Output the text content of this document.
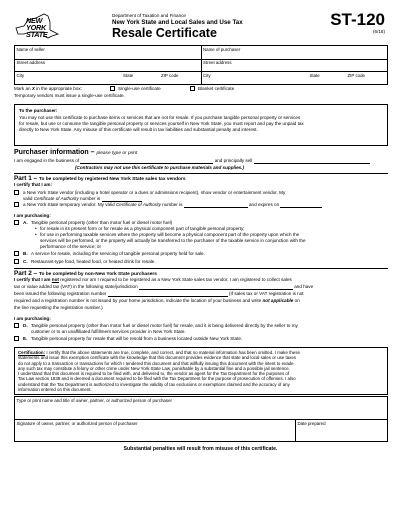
NEW
YORK
STATE
Department of Taxation and Finance
New York State and Local Sales and Use Tax
Resale Certificate
ST-120
(6/18)
Name of seller	Name of purchaser
Street address	Street address
City	State	ZIP code	City	State	ZIP code
Mark an X in the appropriate box:	Single-use certificate	Blanket certificate
Temporary vendors must issue a single-use certificate.
To the purchaser:
You may not use this certificate to purchase items or services that are not for resale. If you purchase tangible personal property or services
for resale, but use or consume the tangible personal property or services yourself in New York State, you must report and pay the unpaid tax
directly to New York State. Any misuse of this certificate will result in tax liabilities and substantial penalty and interest.
Purchaser information – please type or print
I am engaged in the business of	and principally sell
(Contractors may not use this certificate to purchase materials and supplies.)
Part 1 – To be completed by registered New York State sales tax vendors
I certify that I am:
a New York State vendor (including a hotel operator or a dues or admissions recipient), show vendor or entertainment vendor. My
valid Certificate of Authority number is
a New York State temporary vendor. My valid Certificate of Authority number is	and expires on
I am purchasing:
A. Tangible personal property (other than motor fuel or diesel motor fuel)
• for resale in its present form or for resale as a physical component part of tangible personal property;
• for use in performing taxable services where the property will become a physical component part of the property upon which the
services will be performed, or the property will actually be transferred to the purchaser of the taxable service in conjunction with the
performance of the service; or
B. A service for resale, including the servicing of tangible personal property held for sale.
C. Restaurant-type food, heated food, or heated drink for resale.
Part 2 – To be completed by non-New York State purchasers
I certify that I am not registered nor am I required to be registered as a New York State sales tax vendor. I am registered to collect sales
tax or value added tax (VAT) in the following state/jurisdiction	and have
been issued the following registration number	(If sales tax or VAT registration is not
required and a registration number is not issued by your home jurisdiction, indicate the location of your business and write not applicable on
the line requesting the registration number.)
I am purchasing:
D. Tangible personal property (other than motor fuel or diesel motor fuel) for resale, and it is being delivered directly by the seller to my
customer or to an unaffiliated fulfillment services provider in New York State.
E. Tangible personal property for resale that will be resold from a business located outside New York State.
Certification: I certify that the above statements are true, complete, and correct, and that no material information has been omitted. I make these
statements and issue this exemption certificate with the knowledge that this document provides evidence that state and local sales or use taxes
do not apply to a transaction or transactions for which I tendered this document and that willfully issuing this document with the intent to evade
any such tax may constitute a felony or other crime under New York State Law, punishable by a substantial fine and a possible jail sentence.
I understand that this document is required to be filed with, and delivered to, the vendor as agent for the Tax Department for the purposes of
Tax Law section 1838 and is deemed a document required to be filed with the Tax Department for the purpose of prosecution of offenses. I also
understand that the Tax Department is authorized to investigate the validity of tax exclusions or exemptions claimed and the accuracy of any
information entered on this document.
Type or print name and title of owner, partner, or authorized person of purchaser
Signature of owner, partner, or authorized person of purchaser	Date prepared
Substantial penalties will result from misuse of this certificate.
